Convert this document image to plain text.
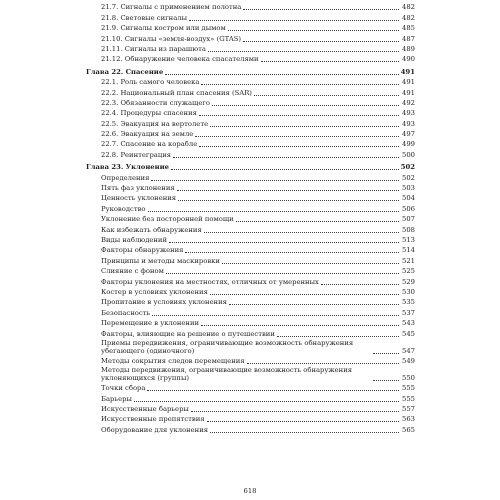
21.7. Сигналы с применением полотна	482
21.8. Световые сигналы	482
21.9. Сигналы костром или дымом	485
21.10. Сигналы «земля-воздух» (GTAS)	487
21.11. Сигналы из парашюта	489
21.12. Обнаружение человека спасателями	490
Глава 22. Спасение	491
22.1. Роль самого человека	491
22.2. Национальный план спасения (SAR)	491
22.3. Обязанности служащего	492
22.4. Процедуры спасения	493
22.5. Эвакуация на вертолете	493
22.6. Эвакуация на земле	497
22.7. Спасение на корабле	499
22.8. Реинтеграция	500
Глава 23. Уклонение	502
Определения	502
Пять фаз уклонения	503
Ценность уклонения	504
Руководство	506
Уклонение без посторонней помощи	507
Как избежать обнаружения	508
Виды наблюдений	513
Факторы обнаружения	514
Принципы и методы маскировки	521
Слияние с фоном	525
Факторы уклонения на местностях, отличных от умеренных	529
Костер в условиях уклонения	530
Пропитание в условиях уклонения	535
Безопасность	537
Перемещение в уклонении	543
Факторы, влияющие на решение о путешествии	545
Приемы передвижения, ограничивающие возможность обнаружения убегающего (одиночного)	547
Методы сокрытия следов перемещения	549
Методы передвижения, ограничивающие возможность обнаружения уклоняющихся (группы)	550
Точки сбора	555
Барьеры	555
Искусственные барьеры	557
Искусственные препятствия	563
Оборудование для уклонения	565
618
